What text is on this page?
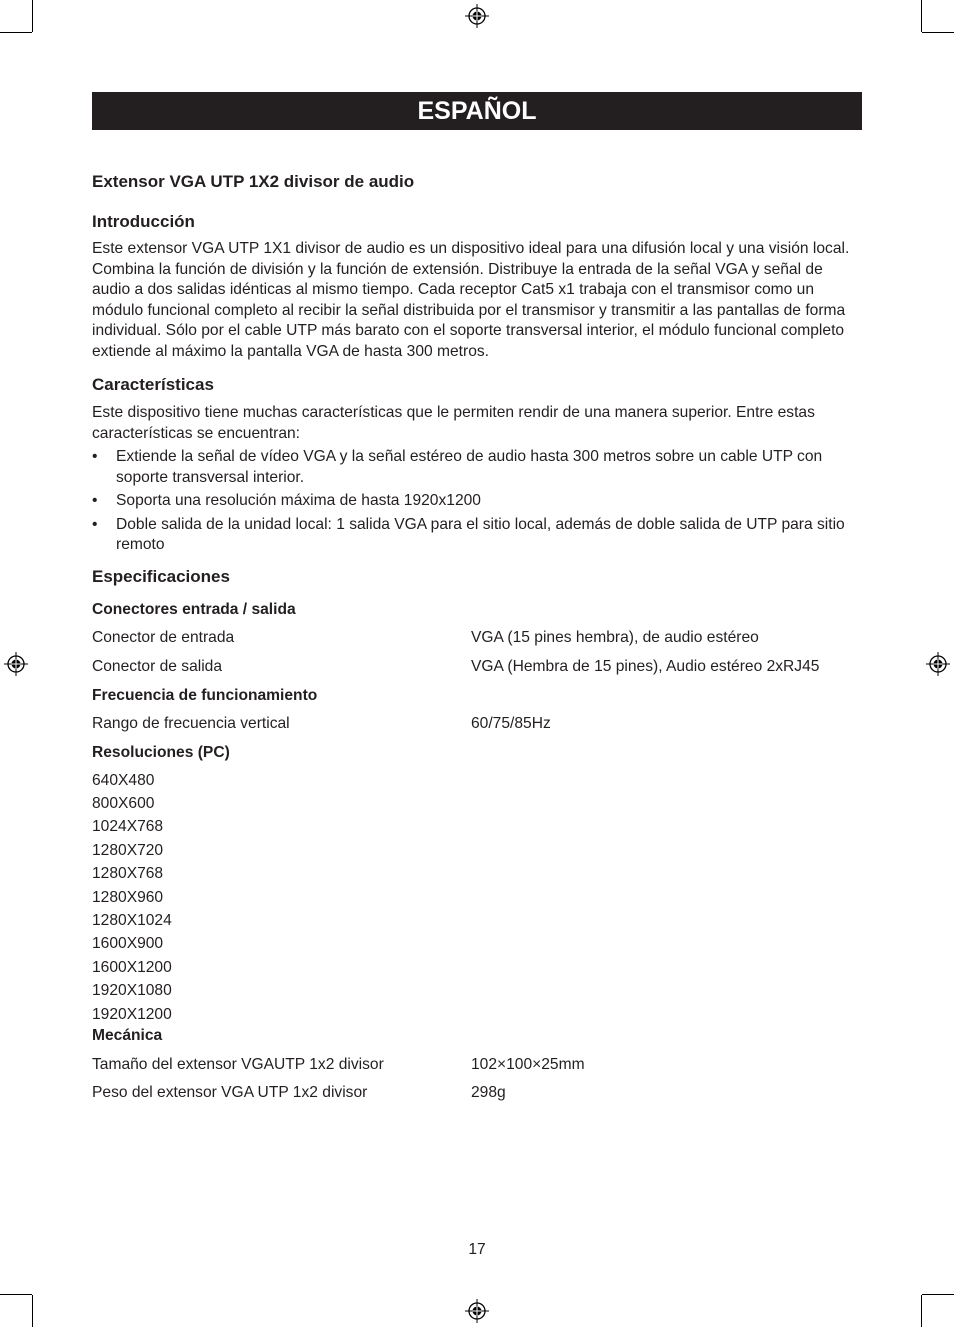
ESPAÑOL
Extensor VGA UTP 1X2 divisor de audio
Introducción

Este extensor VGA UTP 1X1 divisor de audio es un dispositivo ideal para una difusión local y una visión local. Combina la función de división y la función de extensión. Distribuye la entrada de la señal VGA y señal de audio a dos salidas idénticas al mismo tiempo. Cada receptor Cat5 x1 trabaja con el transmisor como un módulo funcional completo al recibir la señal distribuida por el transmisor y transmitir a las pantallas de forma individual. Sólo por el cable UTP más barato con el soporte transversal interior, el módulo funcional completo extiende al máximo la pantalla VGA de hasta 300 metros.

Características

Este dispositivo tiene muchas características que le permiten rendir de una manera superior. Entre estas características se encuentran:

• Extiende la señal de vídeo VGA y la señal estéreo de audio hasta 300 metros sobre un cable UTP con soporte transversal interior.
• Soporta una resolución máxima de hasta 1920x1200
• Doble salida de la unidad local: 1 salida VGA para el sitio local, además de doble salida de UTP para sitio remoto
Especificaciones
Conectores entrada / salida
Conector de entrada	VGA (15 pines hembra), de audio estéreo
Conector de salida	VGA (Hembra de 15 pines), Audio estéreo 2xRJ45
Frecuencia de funcionamiento
Rango de frecuencia vertical	60/75/85Hz
Resoluciones (PC)
640X480
800X600
1024X768
1280X720
1280X768
1280X960
1280X1024
1600X900
1600X1200
1920X1080
1920X1200
Mecánica
Tamaño del extensor VGAUTP 1x2 divisor	102×100×25mm
Peso del extensor VGA UTP 1x2 divisor	298g
17
